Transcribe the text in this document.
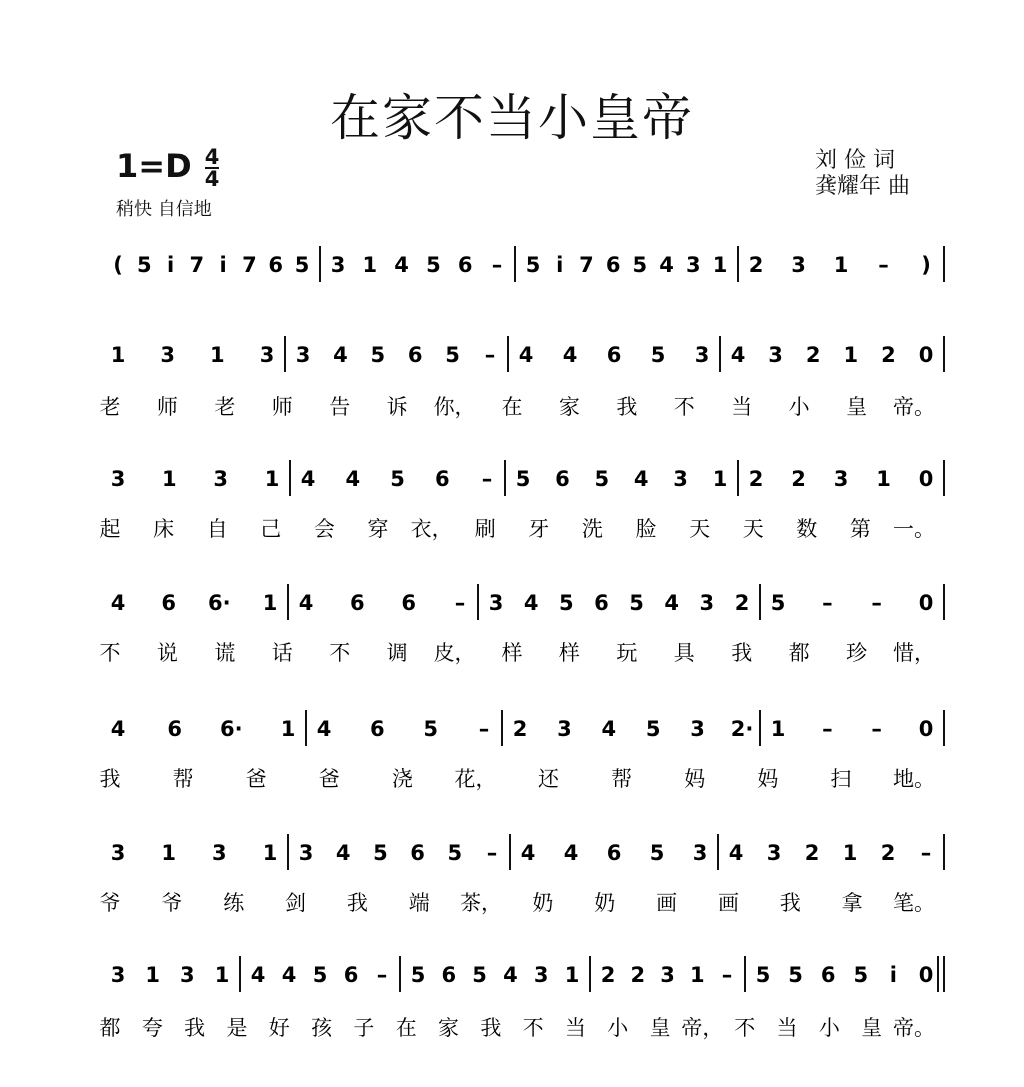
在家不当小皇帝
$1=D \frac{4}{4}$
稍快 自信地
刘 俭 词
龚耀年 曲
( 5 i 7 i 7 6 5 3 1 4 5 6 – 5 i 7 6 5 4 3 1 2 3 1 – )
1 3 1 3 3 4 5 6 5 – 4 4 6 5 3 4 3 2 1 2 0
老 师 老 师 告 诉 你， 在 家 我 不 当 小 皇 帝。
3 1 3 1 4 4 5 6 – 5 6 5 4 3 1 2 2 3 1 0
起 床 自 己 会 穿 衣， 刷 牙 洗 脸 天 天 数 第 一。
4 6 6· 1 4 6 6 – 3 4 5 6 5 4 3 2 5 – – 0
不 说 谎 话 不 调 皮， 样 样 玩 具 我 都 珍 惜，
4 6 6· 1 4 6 5 – 2 3 4 5 3 2· 1 – – 0
我 帮 爸 爸 浇 花， 还 帮 妈 妈 扫 地。
3 1 3 1 3 4 5 6 5 – 4 4 6 5 3 4 3 2 1 2 –
爷 爷 练 剑 我 端 茶， 奶 奶 画 画 我 拿 笔。
3 1 3 1 4 4 5 6 – 5 6 5 4 3 1 2 2 3 1 – 5 5 6 5 i 0
都 夸 我 是 好 孩 子 在 家 我 不 当 小 皇 帝， 不 当 小 皇 帝。
